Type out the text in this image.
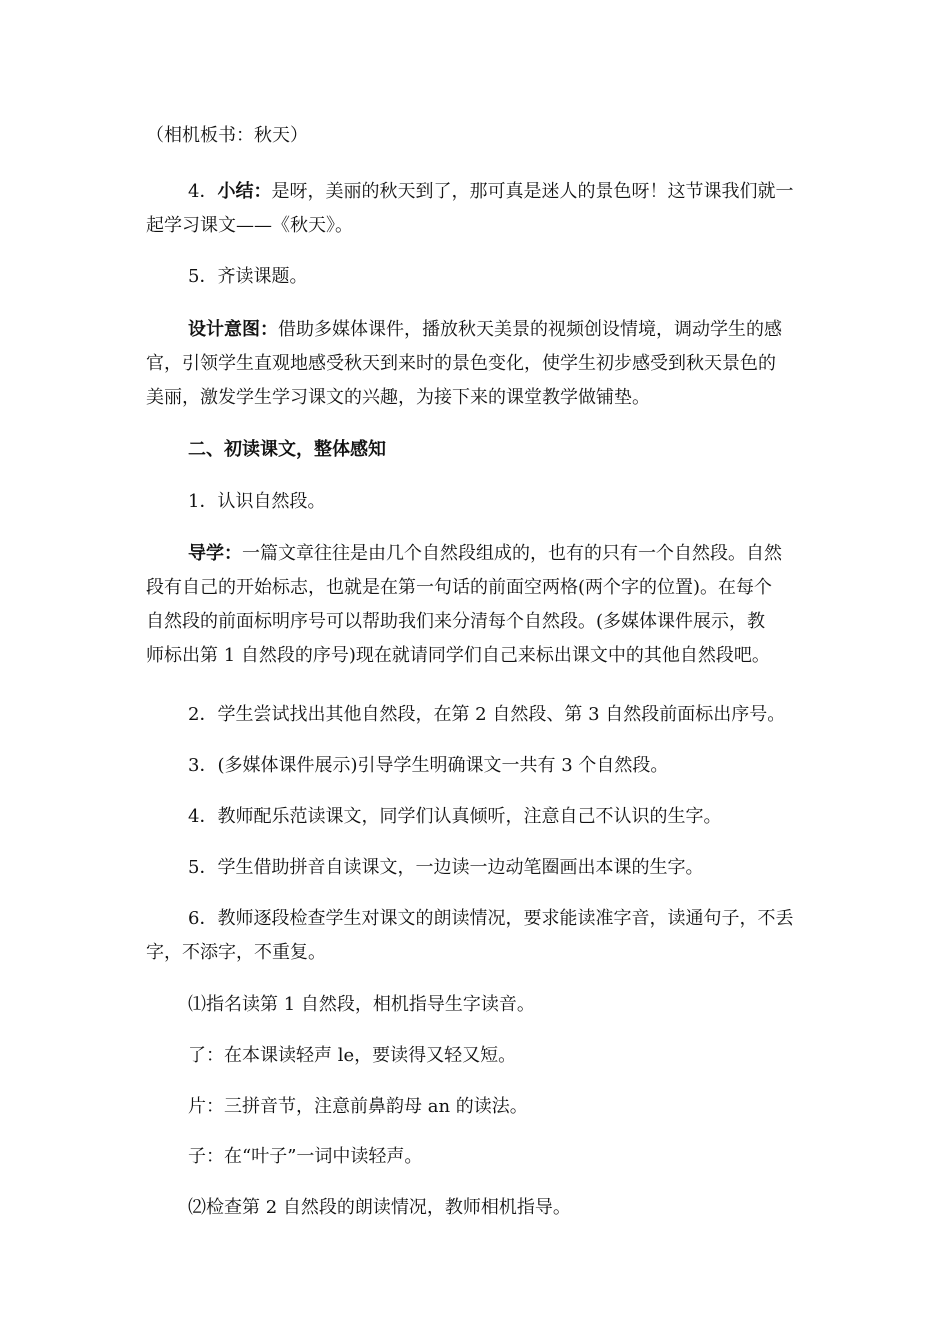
（相机板书：秋天）
4．小结：是呀，美丽的秋天到了，那可真是迷人的景色呀！这节课我们就一
起学习课文——《秋天》。
5．齐读课题。
设计意图：借助多媒体课件，播放秋天美景的视频创设情境，调动学生的感
官，引领学生直观地感受秋天到来时的景色变化，使学生初步感受到秋天景色的
美丽，激发学生学习课文的兴趣，为接下来的课堂教学做铺垫。
二、初读课文，整体感知
1．认识自然段。
导学：一篇文章往往是由几个自然段组成的，也有的只有一个自然段。自然
段有自己的开始标志，也就是在第一句话的前面空两格(两个字的位置)。在每个
自然段的前面标明序号可以帮助我们来分清每个自然段。(多媒体课件展示，教
师标出第 1 自然段的序号)现在就请同学们自己来标出课文中的其他自然段吧。
2．学生尝试找出其他自然段，在第 2 自然段、第 3 自然段前面标出序号。
3．(多媒体课件展示)引导学生明确课文一共有 3 个自然段。
4．教师配乐范读课文，同学们认真倾听，注意自己不认识的生字。
5．学生借助拼音自读课文，一边读一边动笔圈画出本课的生字。
6．教师逐段检查学生对课文的朗读情况，要求能读准字音，读通句子，不丢
字，不添字，不重复。
⑴指名读第 1 自然段，相机指导生字读音。
了：在本课读轻声 le，要读得又轻又短。
片：三拼音节，注意前鼻韵母 an 的读法。
子：在“叶子”一词中读轻声。
⑵检查第 2 自然段的朗读情况，教师相机指导。
